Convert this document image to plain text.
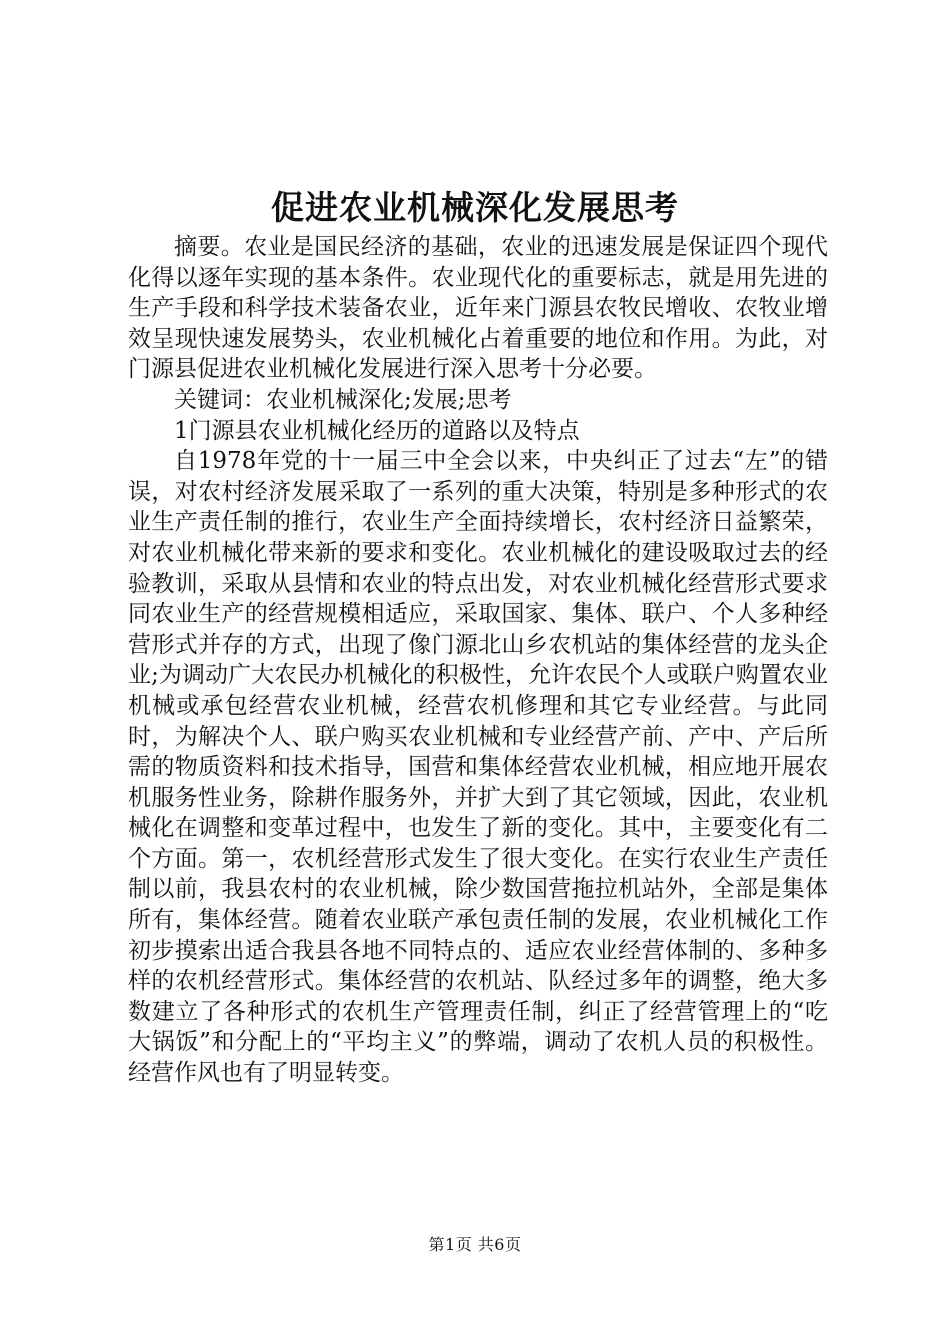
促进农业机械深化发展思考

摘要。农业是国民经济的基础，农业的迅速发展是保证四个现代化得以逐年实现的基本条件。农业现代化的重要标志，就是用先进的生产手段和科学技术装备农业，近年来门源县农牧民增收、农牧业增效呈现快速发展势头，农业机械化占着重要的地位和作用。为此，对门源县促进农业机械化发展进行深入思考十分必要。

关键词：农业机械深化;发展;思考

1门源县农业机械化经历的道路以及特点

自1978年党的十一届三中全会以来，中央纠正了过去“左”的错误，对农村经济发展采取了一系列的重大决策，特别是多种形式的农业生产责任制的推行，农业生产全面持续增长，农村经济日益繁荣，对农业机械化带来新的要求和变化。农业机械化的建设吸取过去的经验教训，采取从县情和农业的特点出发，对农业机械化经营形式要求同农业生产的经营规模相适应，采取国家、集体、联户、个人多种经营形式并存的方式，出现了像门源北山乡农机站的集体经营的龙头企业;为调动广大农民办机械化的积极性，允许农民个人或联户购置农业机械或承包经营农业机械，经营农机修理和其它专业经营。与此同时，为解决个人、联户购买农业机械和专业经营产前、产中、产后所需的物质资料和技术指导，国营和集体经营农业机械，相应地开展农机服务性业务，除耕作服务外，并扩大到了其它领域，因此，农业机械化在调整和变革过程中，也发生了新的变化。其中，主要变化有二个方面。第一，农机经营形式发生了很大变化。在实行农业生产责任制以前，我县农村的农业机械，除少数国营拖拉机站外，全部是集体所有，集体经营。随着农业联产承包责任制的发展，农业机械化工作初步摸索出适合我县各地不同特点的、适应农业经营体制的、多种多样的农机经营形式。集体经营的农机站、队经过多年的调整，绝大多数建立了各种形式的农机生产管理责任制，纠正了经营管理上的“吃大锅饭”和分配上的“平均主义”的弊端，调动了农机人员的积极性。经营作风也有了明显转变。

第1页 共6页
